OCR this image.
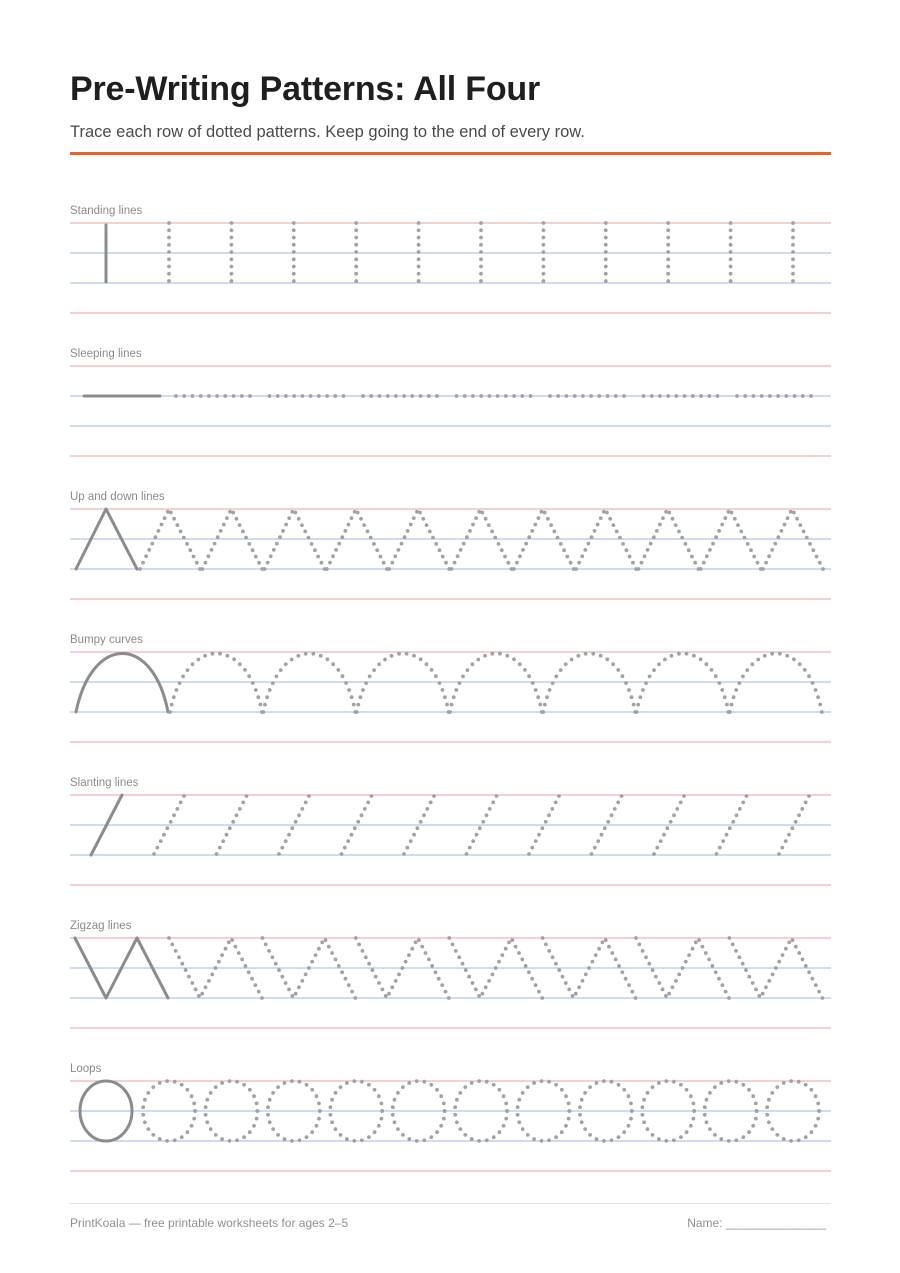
Pre-Writing Patterns: All Four

Trace each row of dotted patterns. Keep going to the end of every row.

Standing lines
Sleeping lines
Up and down lines
Bumpy curves
Slanting lines
Zigzag lines
Loops
PrintKoala — free printable worksheets for ages 2–5	Name: _______________
